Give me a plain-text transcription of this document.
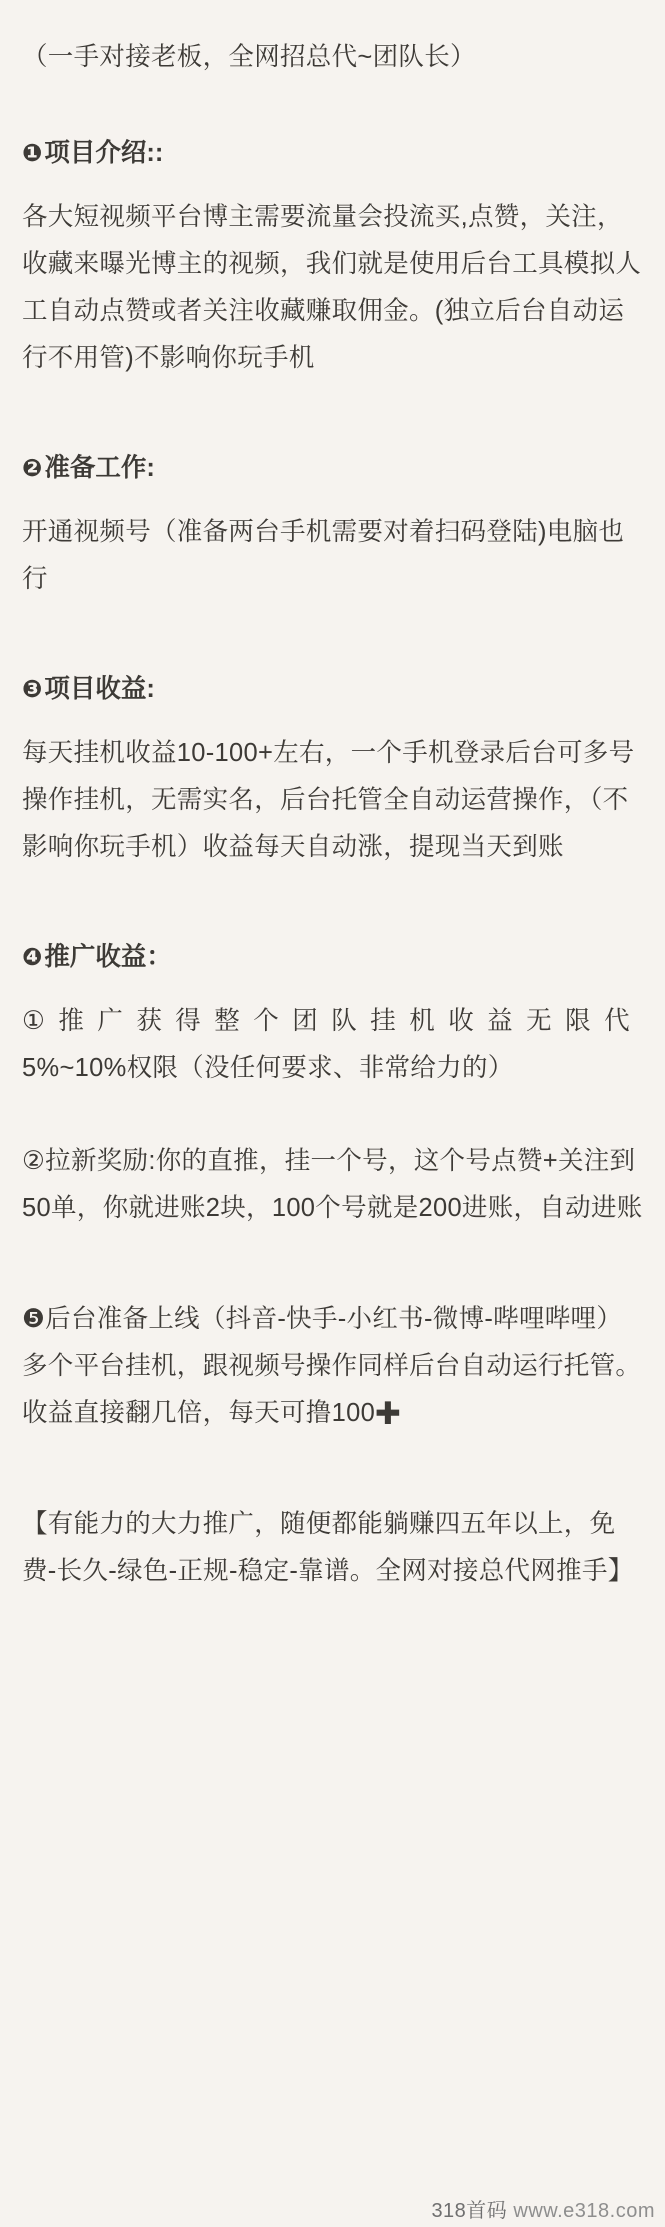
（一手对接老板，全网招总代~团队长）

❶项目介绍::

各大短视频平台博主需要流量会投流买,点赞，关注，收藏来曝光博主的视频，我们就是使用后台工具模拟人工自动点赞或者关注收藏赚取佣金。(独立后台自动运行不用管)不影响你玩手机

❷准备工作:

开通视频号（准备两台手机需要对着扫码登陆)电脑也行

❸项目收益:

每天挂机收益10-100+左右，一个手机登录后台可多号操作挂机，无需实名，后台托管全自动运营操作，（不影响你玩手机）收益每天自动涨，提现当天到账

❹推广收益：

① 推 广 获 得 整 个 团 队 挂 机 收 益 无 限 代
5%~10%权限（没任何要求、非常给力的）

②拉新奖励:你的直推，挂一个号，这个号点赞+关注到50单，你就进账2块，100个号就是200进账，自动进账

❺后台准备上线（抖音-快手-小红书-微博-哔哩哔哩）多个平台挂机，跟视频号操作同样后台自动运行托管。收益直接翻几倍，每天可撸100✚

【有能力的大力推广，随便都能躺赚四五年以上，免费-长久-绿色-正规-稳定-靠谱。全网对接总代网推手】

318首码 www.e318.com
